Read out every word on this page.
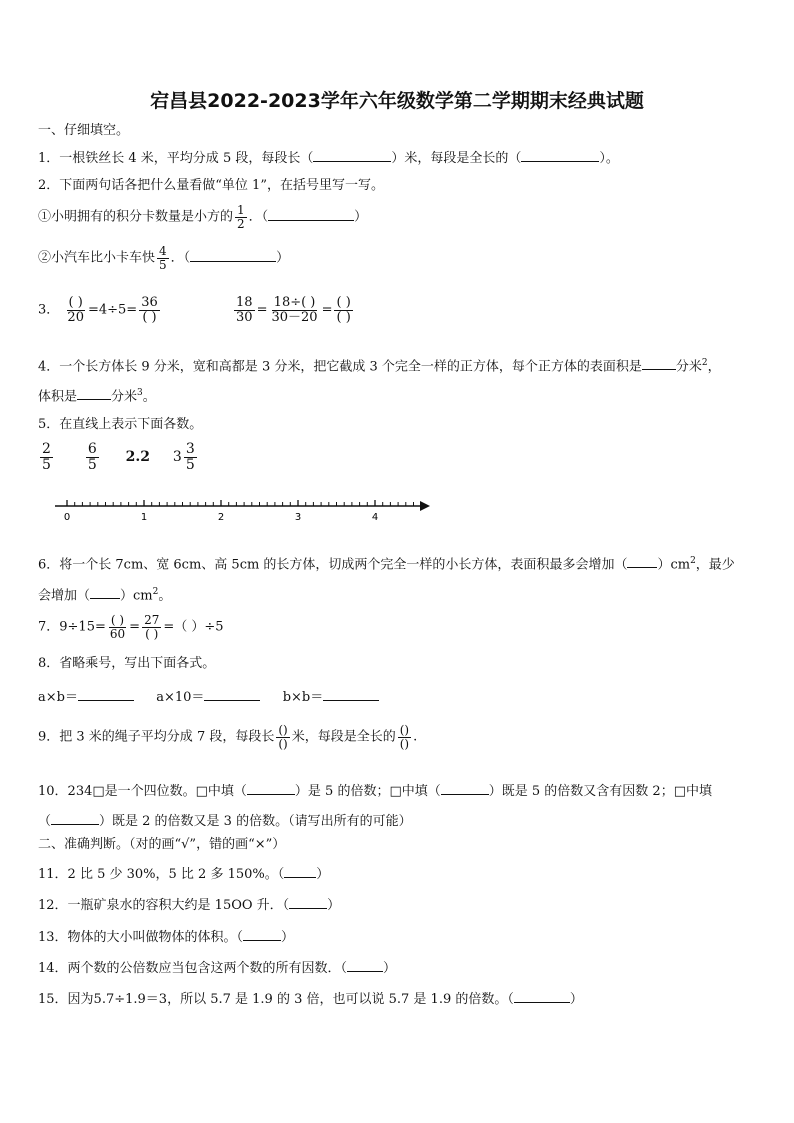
宕昌县2022-2023学年六年级数学第二学期期末经典试题
一、仔细填空。
1．一根铁丝长 4 米，平均分成 5 段，每段长（	）米，每段是全长的（	）。
2．下面两句话各把什么量看做“单位 1”，在括号里写一写。
①小明拥有的积分卡数量是小方的 $\frac{1}{2}$ ．（	）
②小汽车比小卡车快 $\frac{4}{5}$ ．（	）
3． $\frac{( )}{20} =4\div 5= \frac{36}{( )}$
	$\frac{18}{30} = \frac{18\div( )}{30-20} = \frac{( )}{( )}$
4．一个长方体长 9 分米，宽和高都是 3 分米，把它截成 3 个完全一样的正方体，每个正方体的表面积是	分米$^2$，
体积是	分米$^3$。
5．在直线上表示下面各数。
$\frac{2}{5}$
$\frac{6}{5} 2.2$ $3 \frac{3}{5}$
0	1	2	3	4
6．将一个长 7cm、宽 6cm、高 5cm 的长方体，切成两个完全一样的小长方体，表面积最多会增加（ ）$cm^2$，最少
会增加（ ）$cm^2$。
7．$9\div 15= \frac{( )}{60} = \frac{27}{( )}$ =（ ）÷5
8．省略乘号，写出下面各式。
a×b＝	a×10＝	b×b＝
9．把 3 米的绳子平均分成 7 段，每段长 $\frac{()}{()}$ 米，每段是全长的 $\frac{()}{()}$ .
10．234□是一个四位数。□中填（	）是 5 的倍数；□中填（	）既是 5 的倍数又含有因数 2；□中填
（	）既是 2 的倍数又是 3 的倍数。（请写出所有的可能）
二、准确判断。（对的画“√”，错的画“×”）
11．2 比 5 少 30%，5 比 2 多 150%。（ ）
12．一瓶矿泉水的容积大约是 15OO 升．（	）
13．物体的大小叫做物体的体积。（	）
14．两个数的公倍数应当包含这两个数的所有因数．（	）
15．因为5.7÷1.9＝3，所以 5.7 是 1.9 的 3 倍，也可以说 5.7 是 1.9 的倍数。（	）
